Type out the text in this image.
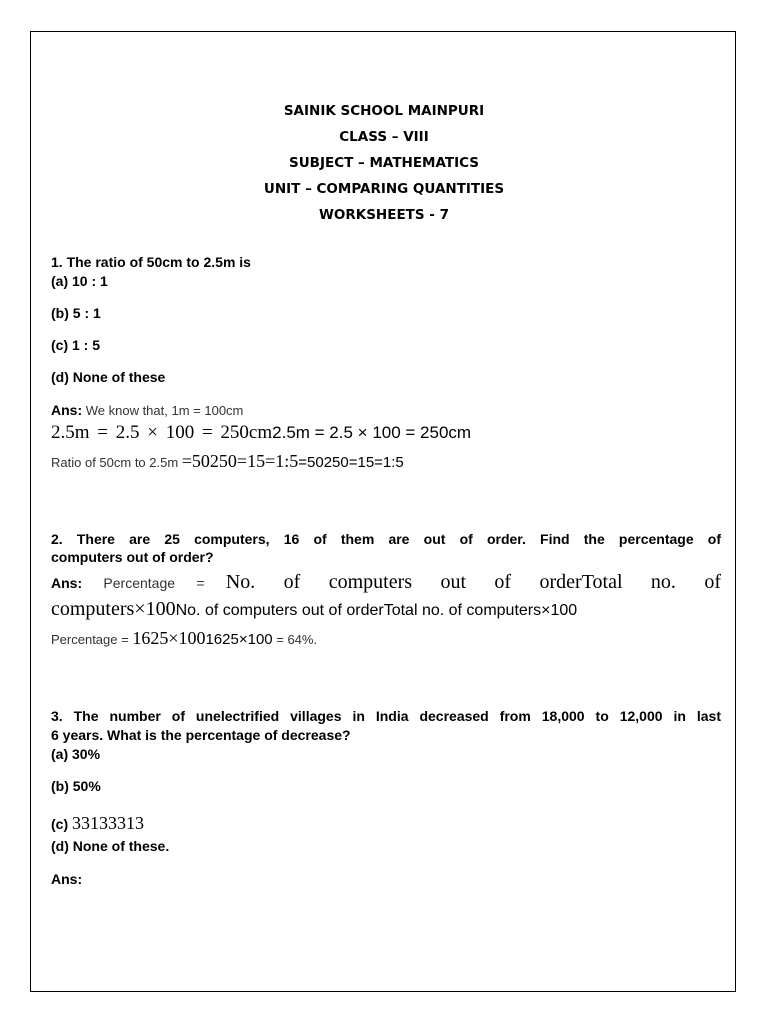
SAINIK SCHOOL MAINPURI
CLASS – VIII
SUBJECT – MATHEMATICS
UNIT – COMPARING QUANTITIES
WORKSHEETS - 7
1. The ratio of 50cm to 2.5m is
(a) 10 : 1
(b) 5 : 1
(c) 1 : 5
(d) None of these
Ans: We know that, 1m = 100cm
2.5m = 2.5 × 100 = 250cm2.5m = 2.5 × 100 = 250cm
Ratio of 50cm to 2.5m =50250=15=1:5=50250=15=1:5
2. There are 25 computers, 16 of them are out of order. Find the percentage of
computers out of order?
Ans: Percentage = No. of computers out of orderTotal no. of
computers×100No. of computers out of orderTotal no. of computers×100
Percentage = 1625×1001625×100 = 64%.
3. The number of unelectrified villages in India decreased from 18,000 to 12,000 in last
6 years. What is the percentage of decrease?
(a) 30%
(b) 50%
(c) 33133313
(d) None of these.
Ans:
